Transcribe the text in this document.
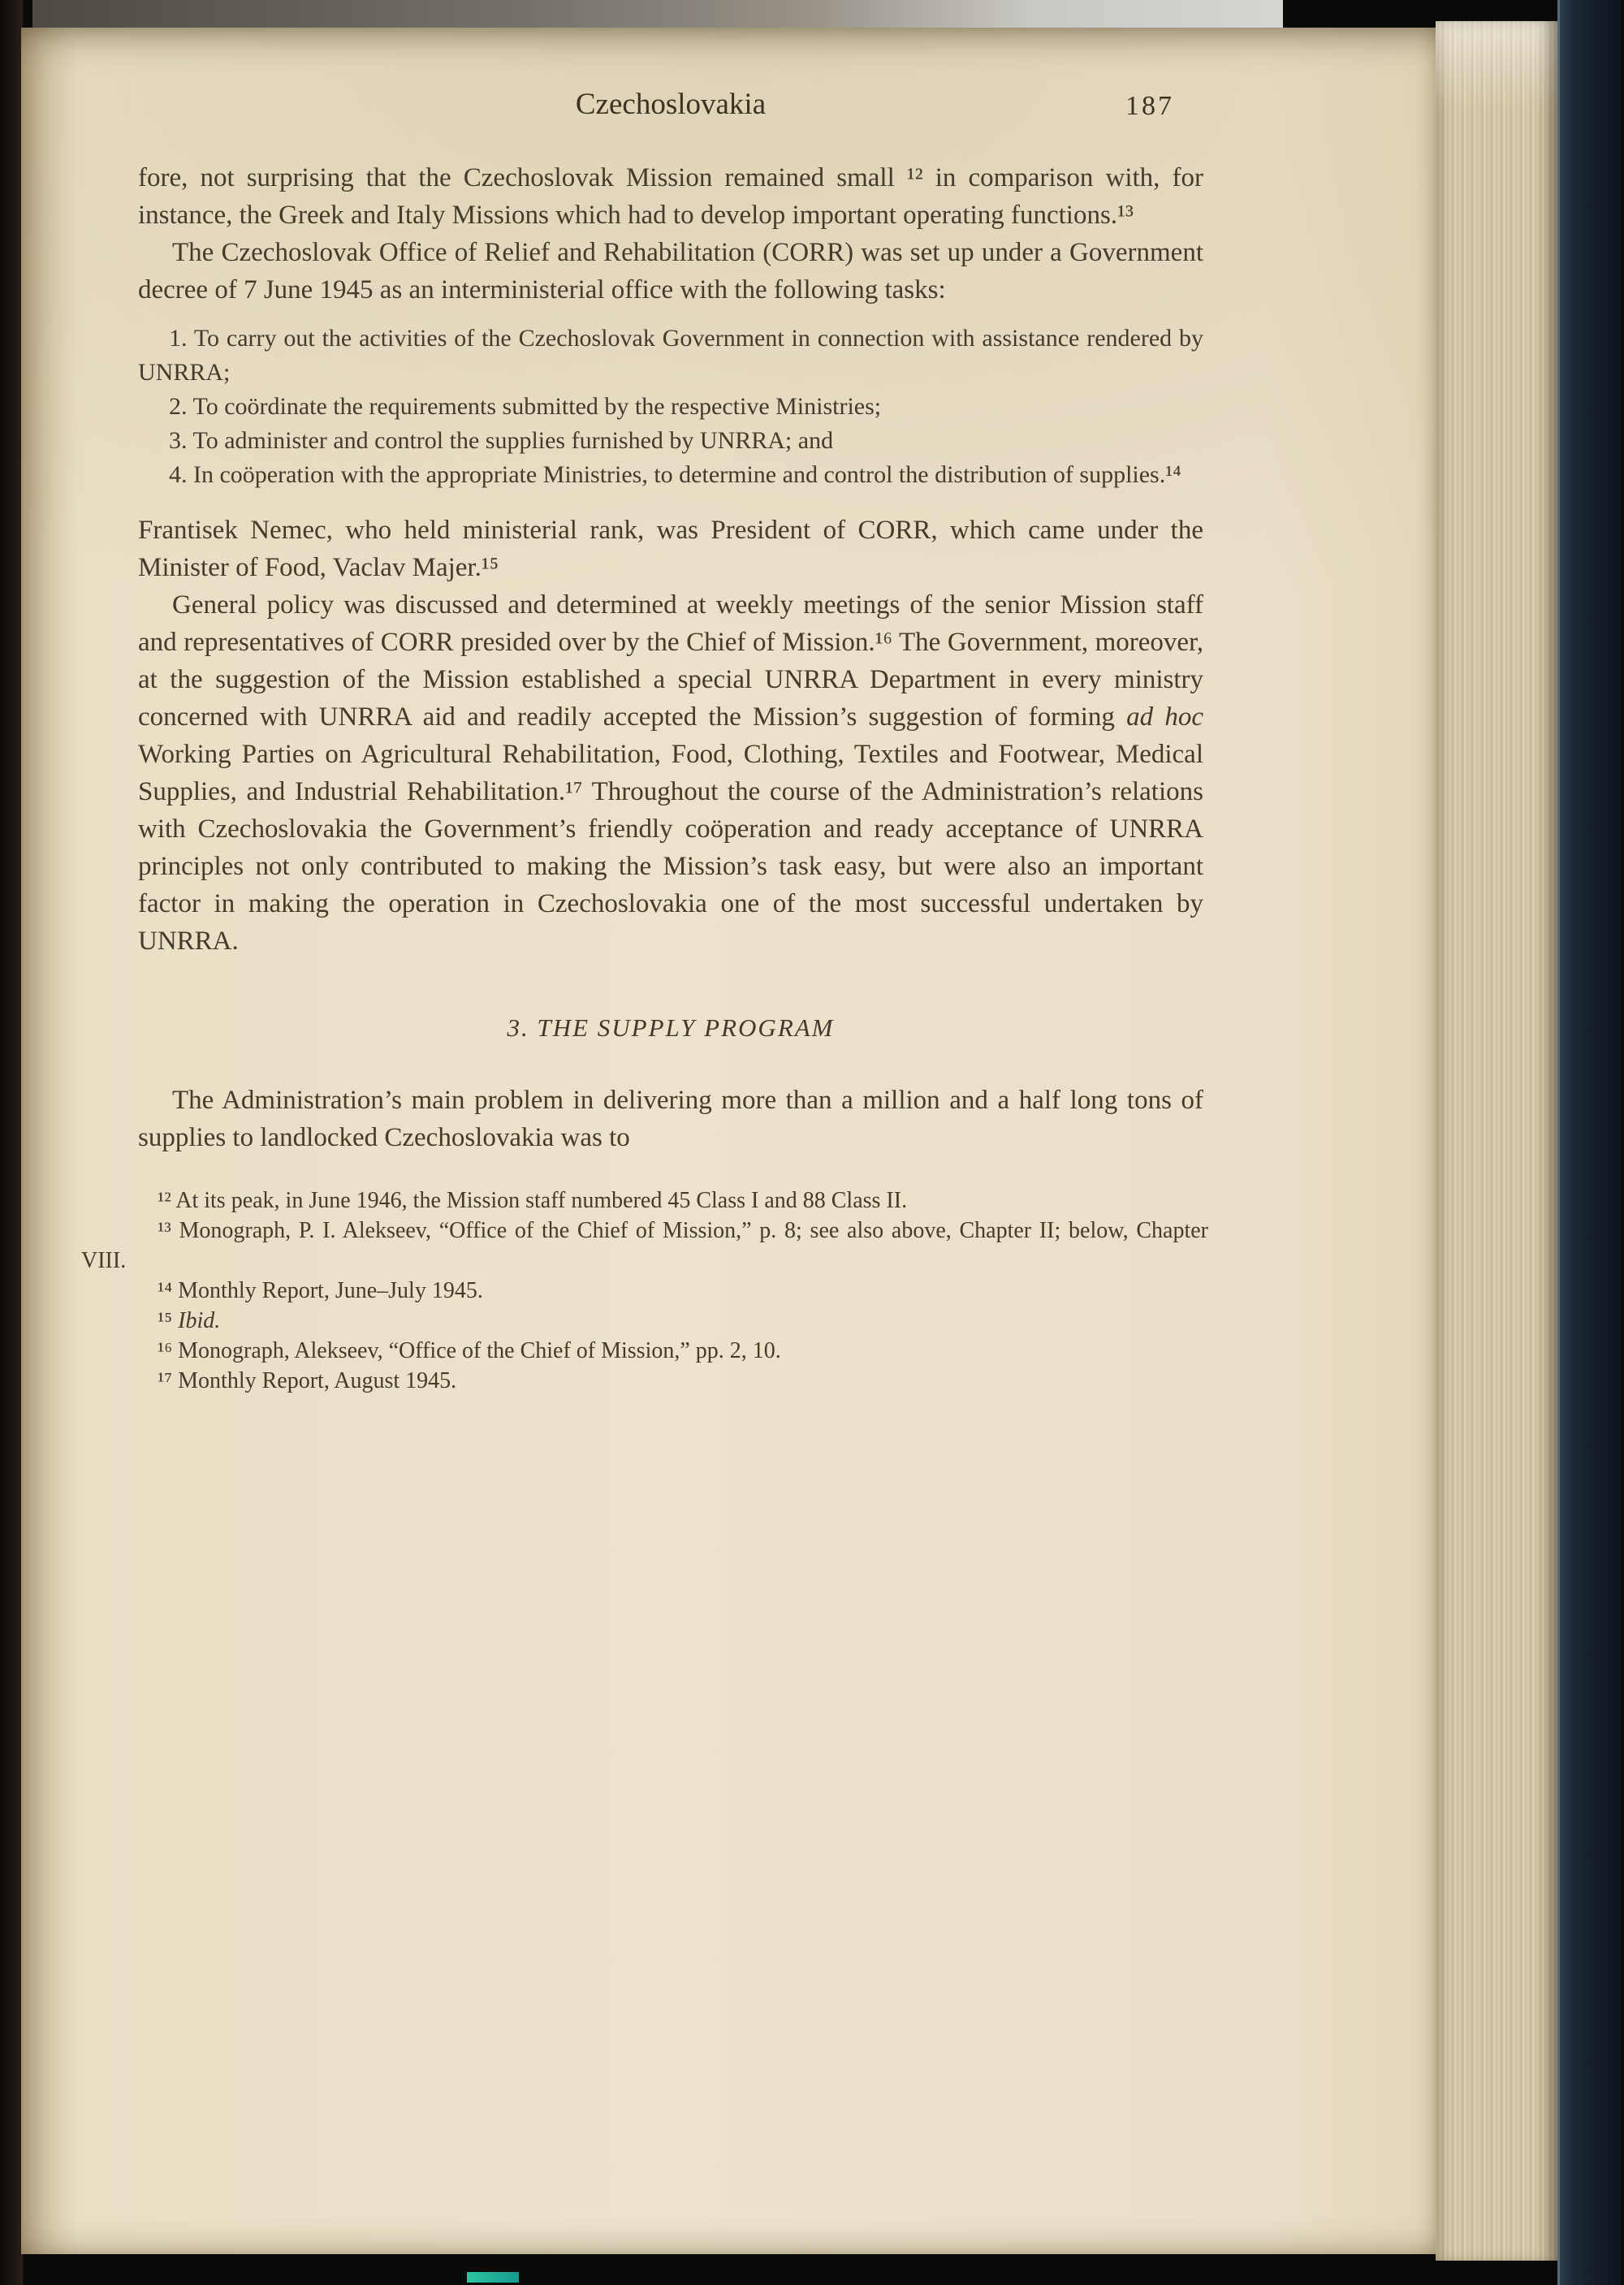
Czechoslovakia	187

fore, not surprising that the Czechoslovak Mission remained small ¹² in comparison with, for instance, the Greek and Italy Missions which had to develop important operating functions.¹³

The Czechoslovak Office of Relief and Rehabilitation (CORR) was set up under a Government decree of 7 June 1945 as an interministerial office with the following tasks:

1. To carry out the activities of the Czechoslovak Government in connection with assistance rendered by UNRRA;

2. To coördinate the requirements submitted by the respective Ministries;

3. To administer and control the supplies furnished by UNRRA; and

4. In coöperation with the appropriate Ministries, to determine and control the distribution of supplies.¹⁴

Frantisek Nemec, who held ministerial rank, was President of CORR, which came under the Minister of Food, Vaclav Majer.¹⁵

General policy was discussed and determined at weekly meetings of the senior Mission staff and representatives of CORR presided over by the Chief of Mission.¹⁶ The Government, moreover, at the suggestion of the Mission established a special UNRRA Department in every ministry concerned with UNRRA aid and readily accepted the Mission’s suggestion of forming ad hoc Working Parties on Agricultural Rehabilitation, Food, Clothing, Textiles and Footwear, Medical Supplies, and Industrial Rehabilitation.¹⁷ Throughout the course of the Administration’s relations with Czechoslovakia the Government’s friendly coöperation and ready acceptance of UNRRA principles not only contributed to making the Mission’s task easy, but were also an important factor in making the operation in Czechoslovakia one of the most successful undertaken by UNRRA.

3. THE SUPPLY PROGRAM

The Administration’s main problem in delivering more than a million and a half long tons of supplies to landlocked Czechoslovakia was to

¹² At its peak, in June 1946, the Mission staff numbered 45 Class I and 88 Class II.

¹³ Monograph, P. I. Alekseev, “Office of the Chief of Mission,” p. 8; see also above, Chapter II; below, Chapter VIII.

¹⁴ Monthly Report, June–July 1945.

¹⁵ Ibid.

¹⁶ Monograph, Alekseev, “Office of the Chief of Mission,” pp. 2, 10.

¹⁷ Monthly Report, August 1945.
